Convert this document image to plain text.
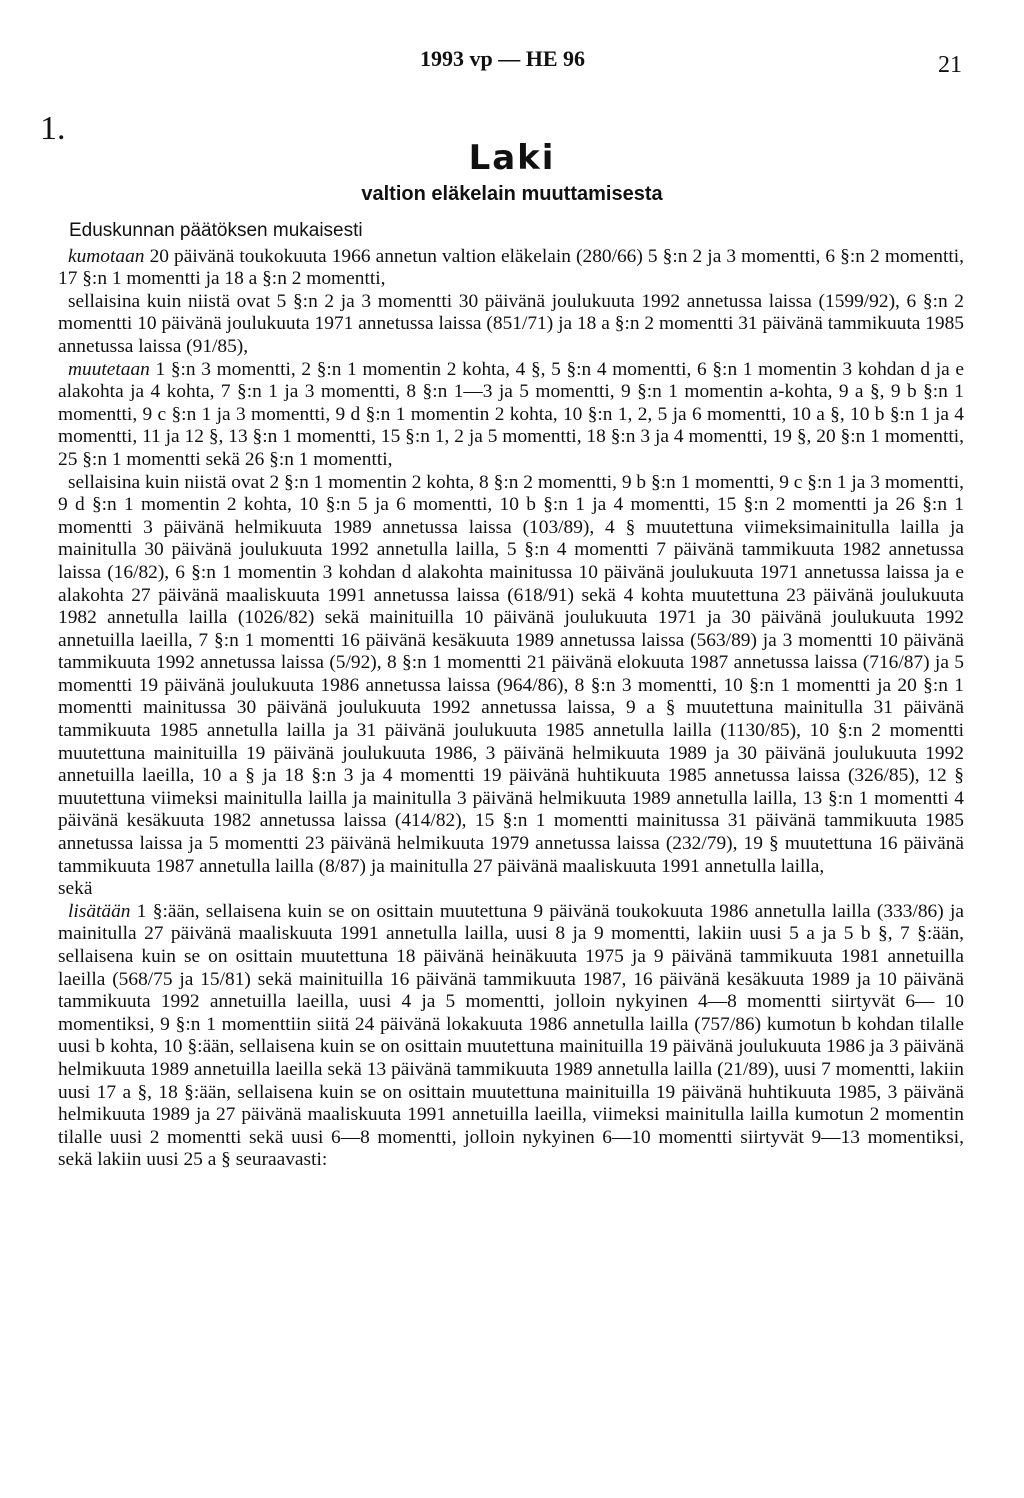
1993 vp — HE 96	21
1.
Laki
valtion eläkelain muuttamisesta
Eduskunnan päätöksen mukaisesti

kumotaan 20 päivänä toukokuuta 1966 annetun valtion eläkelain (280/66) 5 §:n 2 ja 3 momentti, 6 §:n 2 momentti, 17 §:n 1 momentti ja 18 a §:n 2 momentti,

sellaisina kuin niistä ovat 5 §:n 2 ja 3 momentti 30 päivänä joulukuuta 1992 annetussa laissa (1599/92), 6 §:n 2 momentti 10 päivänä joulukuuta 1971 annetussa laissa (851/71) ja 18 a §:n 2 momentti 31 päivänä tammikuuta 1985 annetussa laissa (91/85),

muutetaan 1 §:n 3 momentti, 2 §:n 1 momentin 2 kohta, 4 §, 5 §:n 4 momentti, 6 §:n 1 momentin 3 kohdan d ja e alakohta ja 4 kohta, 7 §:n 1 ja 3 momentti, 8 §:n 1—3 ja 5 momentti, 9 §:n 1 momentin a-kohta, 9 a §, 9 b §:n 1 momentti, 9 c §:n 1 ja 3 momentti, 9 d §:n 1 momentin 2 kohta, 10 §:n 1, 2, 5 ja 6 momentti, 10 a §, 10 b §:n 1 ja 4 momentti, 11 ja 12 §, 13 §:n 1 momentti, 15 §:n 1, 2 ja 5 momentti, 18 §:n 3 ja 4 momentti, 19 §, 20 §:n 1 momentti, 25 §:n 1 momentti sekä 26 §:n 1 momentti,

sellaisina kuin niistä ovat 2 §:n 1 momentin 2 kohta, 8 §:n 2 momentti, 9 b §:n 1 momentti, 9 c §:n 1 ja 3 momentti, 9 d §:n 1 momentin 2 kohta, 10 §:n 5 ja 6 momentti, 10 b §:n 1 ja 4 momentti, 15 §:n 2 momentti ja 26 §:n 1 momentti 3 päivänä helmikuuta 1989 annetussa laissa (103/89), 4 § muutettuna viimeksimainitulla lailla ja mainitulla 30 päivänä joulukuuta 1992 annetulla lailla, 5 §:n 4 momentti 7 päivänä tammikuuta 1982 annetussa laissa (16/82), 6 §:n 1 momentin 3 kohdan d alakohta mainitussa 10 päivänä joulukuuta 1971 annetussa laissa ja e alakohta 27 päivänä maaliskuuta 1991 annetussa laissa (618/91) sekä 4 kohta muutettuna 23 päivänä joulukuuta 1982 annetulla lailla (1026/82) sekä mainituilla 10 päivänä joulukuuta 1971 ja 30 päivänä joulukuuta 1992 annetuilla laeilla, 7 §:n 1 momentti 16 päivänä kesäkuuta 1989 annetussa laissa (563/89) ja 3 momentti 10 päivänä tammikuuta 1992 annetussa laissa (5/92), 8 §:n 1 momentti 21 päivänä elokuuta 1987 annetussa laissa (716/87) ja 5 momentti 19 päivänä joulukuuta 1986 annetussa laissa (964/86), 8 §:n 3 momentti, 10 §:n 1 momentti ja 20 §:n 1 momentti mainitussa 30 päivänä joulukuuta 1992 annetussa laissa, 9 a § muutettuna mainitulla 31 päivänä tammikuuta 1985 annetulla lailla ja 31 päivänä joulukuuta 1985 annetulla lailla (1130/85), 10 §:n 2 momentti muutettuna mainituilla 19 päivänä joulukuuta 1986, 3 päivänä helmikuuta 1989 ja 30 päivänä joulukuuta 1992 annetuilla laeilla, 10 a § ja 18 §:n 3 ja 4 momentti 19 päivänä huhtikuuta 1985 annetussa laissa (326/85), 12 § muutettuna viimeksi mainitulla lailla ja mainitulla 3 päivänä helmikuuta 1989 annetulla lailla, 13 §:n 1 momentti 4 päivänä kesäkuuta 1982 annetussa laissa (414/82), 15 §:n 1 momentti mainitussa 31 päivänä tammikuuta 1985 annetussa laissa ja 5 momentti 23 päivänä helmikuuta 1979 annetussa laissa (232/79), 19 § muutettuna 16 päivänä tammikuuta 1987 annetulla lailla (8/87) ja mainitulla 27 päivänä maaliskuuta 1991 annetulla lailla,

sekä

lisätään 1 §:ään, sellaisena kuin se on osittain muutettuna 9 päivänä toukokuuta 1986 annetulla lailla (333/86) ja mainitulla 27 päivänä maaliskuuta 1991 annetulla lailla, uusi 8 ja 9 momentti, lakiin uusi 5 a ja 5 b §, 7 §:ään, sellaisena kuin se on osittain muutettuna 18 päivänä heinäkuuta 1975 ja 9 päivänä tammikuuta 1981 annetuilla laeilla (568/75 ja 15/81) sekä mainituilla 16 päivänä tammikuuta 1987, 16 päivänä kesäkuuta 1989 ja 10 päivänä tammikuuta 1992 annetuilla laeilla, uusi 4 ja 5 momentti, jolloin nykyinen 4—8 momentti siirtyvät 6— 10 momentiksi, 9 §:n 1 momenttiin siitä 24 päivänä lokakuuta 1986 annetulla lailla (757/86) kumotun b kohdan tilalle uusi b kohta, 10 §:ään, sellaisena kuin se on osittain muutettuna mainituilla 19 päivänä joulukuuta 1986 ja 3 päivänä helmikuuta 1989 annetuilla laeilla sekä 13 päivänä tammikuuta 1989 annetulla lailla (21/89), uusi 7 momentti, lakiin uusi 17 a §, 18 §:ään, sellaisena kuin se on osittain muutettuna mainituilla 19 päivänä huhtikuuta 1985, 3 päivänä helmikuuta 1989 ja 27 päivänä maaliskuuta 1991 annetuilla laeilla, viimeksi mainitulla lailla kumotun 2 momentin tilalle uusi 2 momentti sekä uusi 6—8 momentti, jolloin nykyinen 6—10 momentti siirtyvät 9—13 momentiksi, sekä lakiin uusi 25 a § seuraavasti:
